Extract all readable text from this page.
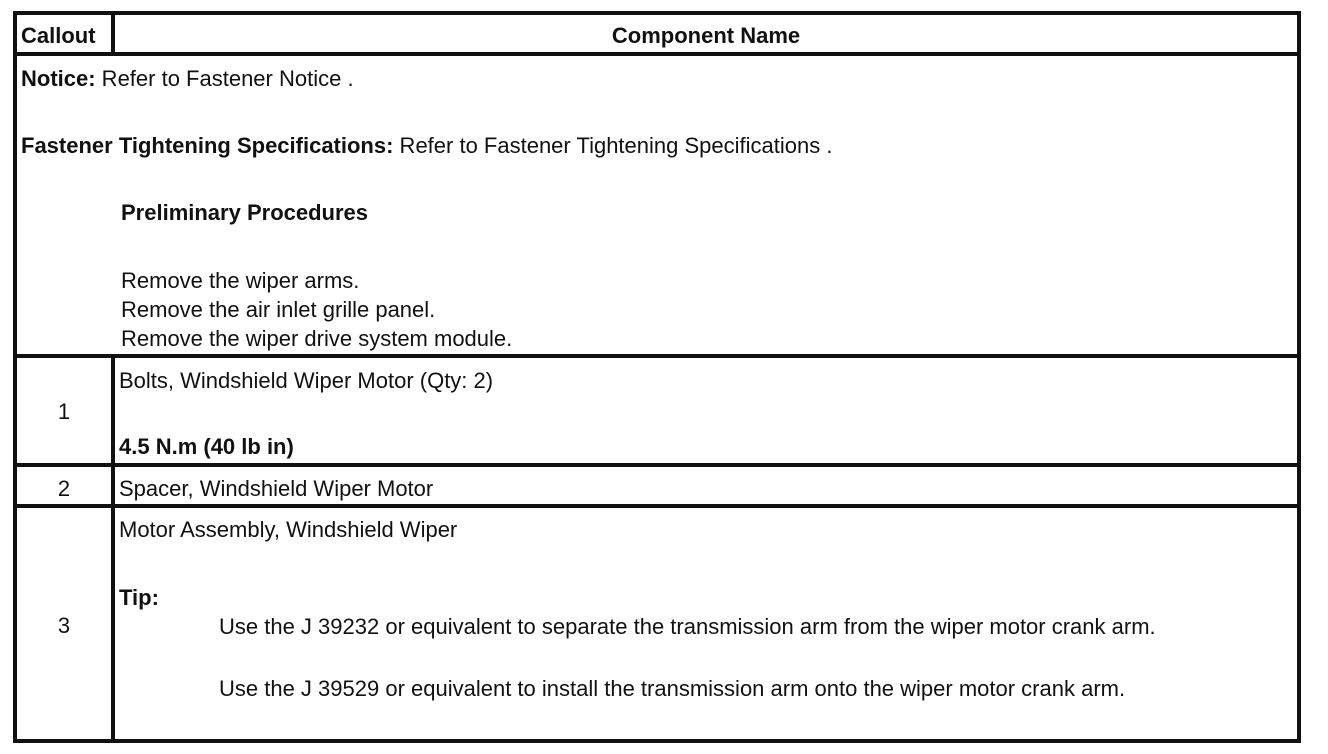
Callout	Component Name
Notice: Refer to Fastener Notice .
Fastener Tightening Specifications: Refer to Fastener Tightening Specifications .
Preliminary Procedures
Remove the wiper arms.
Remove the air inlet grille panel.
Remove the wiper drive system module.
1
Bolts, Windshield Wiper Motor (Qty: 2)
4.5 N.m (40 lb in)
2	Spacer, Windshield Wiper Motor
3
Motor Assembly, Windshield Wiper
Tip:
Use the J 39232 or equivalent to separate the transmission arm from the wiper motor crank arm.
Use the J 39529 or equivalent to install the transmission arm onto the wiper motor crank arm.
